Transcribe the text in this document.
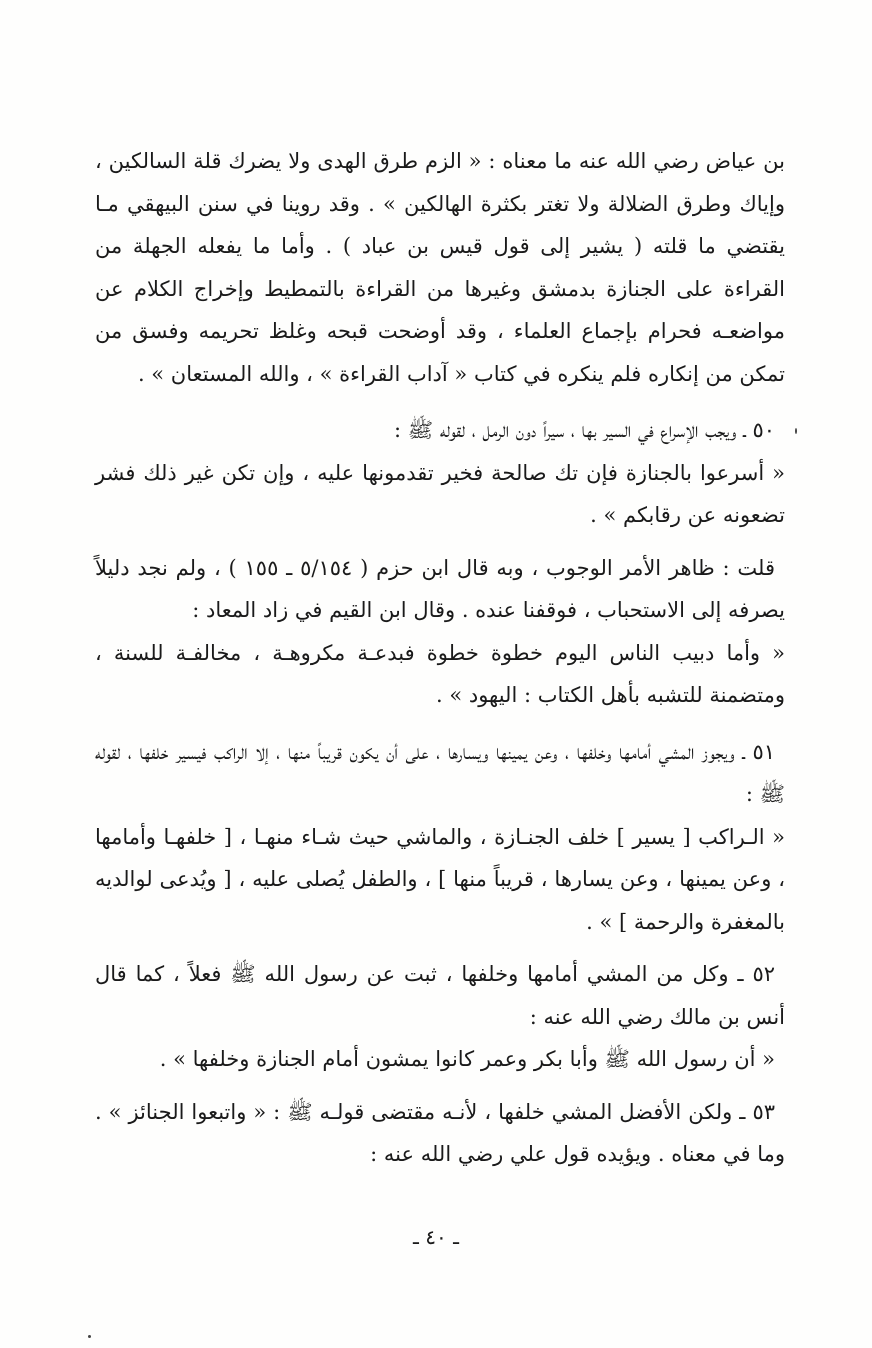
بن عياض رضي الله عنه ما معناه : « الزم طرق الهدى ولا يضرك قلة السالكين ، وإياك وطرق الضلالة ولا تغتر بكثرة الهالكين » . وقد روينا في سنن البيهقي مـا يقتضي ما قلته ( يشير إلى قول قيس بن عباد ) . وأما ما يفعله الجهلة من القراءة على الجنازة بدمشق وغيرها من القراءة بالتمطيط وإخراج الكلام عن مواضعـه فحرام بإجماع العلماء ، وقد أوضحت قبحه وغلظ تحريمه وفسق من تمكن من إنكاره فلم ينكره في كتاب « آداب القراءة » ، والله المستعان » .

٥٠ ـ ويجب الإسراع في السير بها ، سيراً دون الرمل ، لقوله ﷺ :

« أسرعوا بالجنازة فإن تك صالحة فخير تقدمونها عليه ، وإن تكن غير ذلك فشر تضعونه عن رقابكم » .

قلت : ظاهر الأمر الوجوب ، وبه قال ابن حزم ( ٥/١٥٤ ـ ١٥٥ ) ، ولم نجد دليلاً يصرفه إلى الاستحباب ، فوقفنا عنده . وقال ابن القيم في زاد المعاد :

« وأما دبيب الناس اليوم خطوة خطوة فبدعـة مكروهـة ، مخالفـة للسنة ، ومتضمنة للتشبه بأهل الكتاب : اليهود » .

٥١ ـ ويجوز المشي أمامها وخلفها ، وعن يمينها ويسارها ، على أن يكون قريباً منها ، إلا الراكب فيسير خلفها ، لقوله ﷺ :

« الـراكب [ يسير ] خلف الجنـازة ، والماشي حيث شـاء منهـا ، [ خلفهـا وأمامها ، وعن يمينها ، وعن يسارها ، قريباً منها ] ، والطفل يُصلى عليه ، [ ويُدعى لوالديه بالمغفرة والرحمة ] » .

٥٢ ـ وكل من المشي أمامها وخلفها ، ثبت عن رسول الله ﷺ فعلاً ، كما قال أنس بن مالك رضي الله عنه :

« أن رسول الله ﷺ وأبا بكر وعمر كانوا يمشون أمام الجنازة وخلفها » .

٥٣ ـ ولكن الأفضل المشي خلفها ، لأنـه مقتضى قولـه ﷺ : « واتبعوا الجنائز » . وما في معناه . ويؤيده قول علي رضي الله عنه :

ـ ٤٠ ـ
